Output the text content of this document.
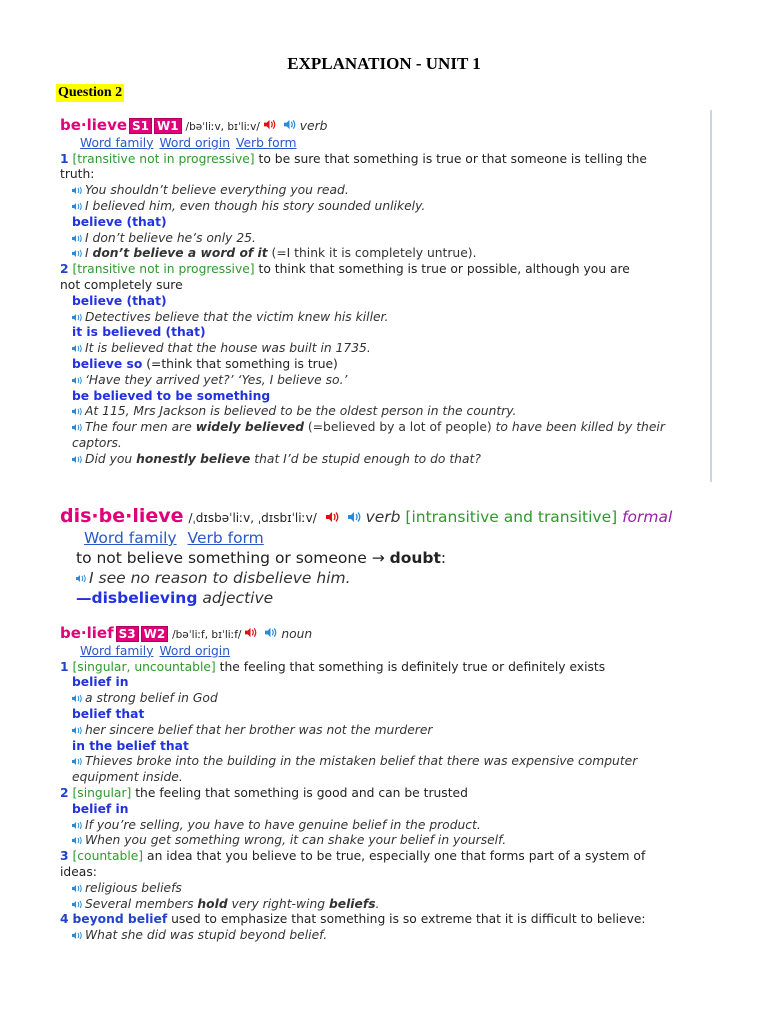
EXPLANATION - UNIT 1
Question 2
be·lieve S1 W1 /bəˈliːv, bɪˈliːv/	verb
Word family Word origin Verb form
1 [transitive not in progressive] to be sure that something is true or that someone is telling the
truth:
You shouldn’t believe everything you read.
I believed him, even though his story sounded unlikely.
believe (that)
I don’t believe he’s only 25.
I don’t believe a word of it (=I think it is completely untrue).
2 [transitive not in progressive] to think that something is true or possible, although you are
not completely sure
believe (that)
Detectives believe that the victim knew his killer.
it is believed (that)
It is believed that the house was built in 1735.
believe so (=think that something is true)
‘Have they arrived yet?’ ‘Yes, I believe so.’
be believed to be something
At 115, Mrs Jackson is believed to be the oldest person in the country.
The four men are widely believed (=believed by a lot of people) to have been killed by their
captors.
Did you honestly believe that I’d be stupid enough to do that?
dis·be·lieve /ˌdɪsbəˈliːv, ˌdɪsbɪˈliːv/	verb [intransitive and transitive] formal
Word family Verb form
to not believe something or someone → doubt:
I see no reason to disbelieve him.
—disbelieving adjective
be·lief S3 W2 /bəˈliːf, bɪˈliːf/	noun
Word family Word origin
1 [singular, uncountable] the feeling that something is definitely true or definitely exists
belief in
a strong belief in God
belief that
her sincere belief that her brother was not the murderer
in the belief that
Thieves broke into the building in the mistaken belief that there was expensive computer
equipment inside.
2 [singular] the feeling that something is good and can be trusted
belief in
If you’re selling, you have to have genuine belief in the product.
When you get something wrong, it can shake your belief in yourself.
3 [countable] an idea that you believe to be true, especially one that forms part of a system of
ideas:
religious beliefs
Several members hold very right-wing beliefs.
4 beyond belief used to emphasize that something is so extreme that it is difficult to believe:
What she did was stupid beyond belief.
